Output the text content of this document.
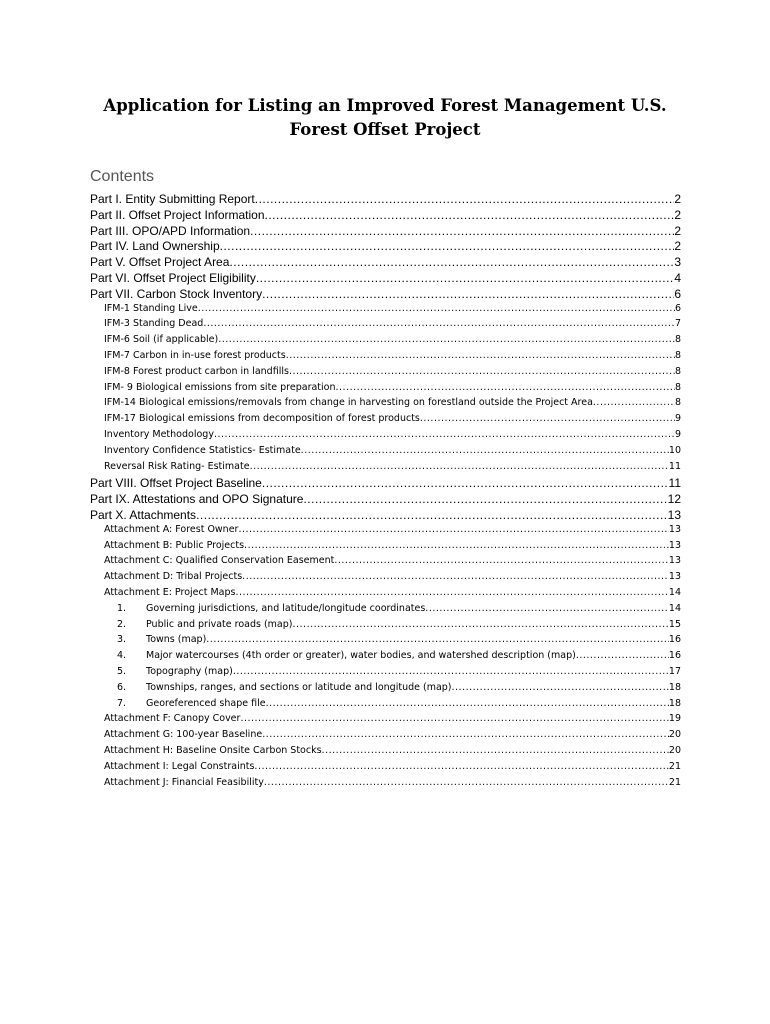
Application for Listing an Improved Forest Management U.S. Forest Offset Project
Contents
Part I. Entity Submitting Report .....	2
Part II. Offset Project Information .....	2
Part III. OPO/APD Information .....	2
Part IV. Land Ownership .....	2
Part V. Offset Project Area .....	3
Part VI. Offset Project Eligibility .....	4
Part VII. Carbon Stock Inventory .....	6
IFM-1 Standing Live .....	6
IFM-3 Standing Dead .....	7
IFM-6 Soil (if applicable) .....	8
IFM-7 Carbon in in-use forest products .....	8
IFM-8 Forest product carbon in landfills .....	8
IFM- 9 Biological emissions from site preparation .....	8
IFM-14 Biological emissions/removals from change in harvesting on forestland outside the Project Area .....	8
IFM-17 Biological emissions from decomposition of forest products .....	9
Inventory Methodology .....	9
Inventory Confidence Statistics- Estimate .....	10
Reversal Risk Rating- Estimate .....	11
Part VIII. Offset Project Baseline .....	11
Part IX. Attestations and OPO Signature .....	12
Part X. Attachments .....	13
Attachment A: Forest Owner .....	13
Attachment B: Public Projects .....	13
Attachment C: Qualified Conservation Easement .....	13
Attachment D: Tribal Projects .....	13
Attachment E: Project Maps .....	14
1.	Governing jurisdictions, and latitude/longitude coordinates .....	14
2.	Public and private roads (map) .....	15
3.	Towns (map) .....	16
4.	Major watercourses (4th order or greater), water bodies, and watershed description (map) .....	16
5.	Topography (map) .....	17
6.	Townships, ranges, and sections or latitude and longitude (map) .....	18
7.	Georeferenced shape file .....	18
Attachment F: Canopy Cover .....	19
Attachment G: 100-year Baseline .....	20
Attachment H: Baseline Onsite Carbon Stocks .....	20
Attachment I: Legal Constraints .....	21
Attachment J: Financial Feasibility .....	21
